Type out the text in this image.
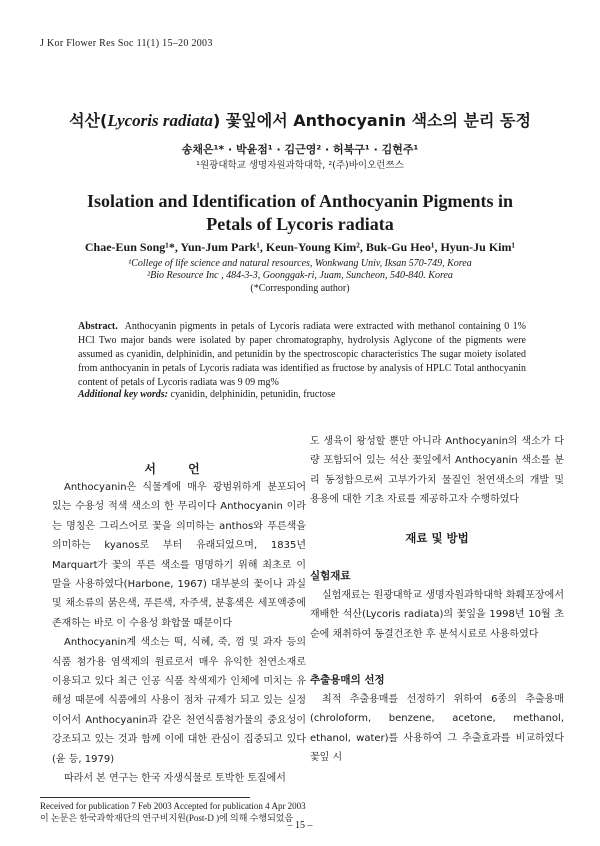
J Kor Flower Res Soc 11(1) 15–20 2003
석산(Lycoris radiata) 꽃잎에서 Anthocyanin 색소의 분리 동정
송채은¹* · 박윤점¹ · 김근영² · 허북구¹ · 김현주¹
¹원광대학교 생명자원과학대학, ²(주)바이오런쯔스
Isolation and Identification of Anthocyanin Pigments in
Petals of Lycoris radiata
Chae-Eun Song¹*, Yun-Jum Park¹, Keun-Young Kim², Buk-Gu Heo¹, Hyun-Ju Kim¹
¹College of life science and natural resources, Wonkwang Univ, Iksan 570-749, Korea
²Bio Resource Inc , 484-3-3, Goonggak-ri, Juam, Suncheon, 540-840. Korea
(*Corresponding author)
Abstract. Anthocyanin pigments in petals of Lycoris radiata were extracted with methanol containing 0 1% HCl Two major bands were isolated by paper chromatography, hydrolysis Aglycone of the pigments were assumed as cyanidin, delphinidin, and petunidin by the spectroscopic characteristics The sugar moiety isolated from anthocyanin in petals of Lycoris radiata was identified as fructose by analysis of HPLC Total anthocyanin content of petals of Lycoris radiata was 9 09 mg%
Additional key words: cyanidin, delphinidin, petunidin, fructose
서 언

Anthocyanin은 식물계에 매우 광범위하게 분포되어 있는 수용성 적색 색소의 한 무리이다 Anthocyanin 이라는 명칭은 그리스어로 꽃을 의미하는 anthos와 푸른색을 의미하는 kyanos로 부터 유래되었으며, 1835년 Marquart가 꽃의 푸른 색소를 명명하기 위해 최초로 이 말을 사용하였다(Harbone, 1967) 대부분의 꽃이나 과실 및 채소류의 붉은색, 푸른색, 자주색, 분홍색은 세포액중에 존재하는 바로 이 수용성 화합물 때문이다

Anthocyanin계 색소는 떡, 식혜, 죽, 껌 및 과자 등의 식품 첨가용 염색제의 원료로서 매우 유익한 천연소재로 이용되고 있다 최근 인공 식품 착색제가 인체에 미치는 유해성 때문에 식품에의 사용이 점차 규제가 되고 있는 실정이어서 Anthocyanin과 같은 천연식품첨가물의 중요성이 강조되고 있는 것과 함께 이에 대한 관심이 집중되고 있다(윤 등, 1979)

따라서 본 연구는 한국 자생식물로 토박한 토질에서

도 생육이 왕성할 뿐만 아니라 Anthocyanin의 색소가 다량 포함되어 있는 석산 꽃잎에서 Anthocyanin 색소를 분리 동정함으로써 고부가가치 물질인 천연색소의 개발 및 용용에 대한 기초 자료를 제공하고자 수행하였다

재료 및 방법
실험재료

실험재료는 원광대학교 생명자원과학대학 화훼포장에서 재배한 석산(Lycoris radiata)의 꽃잎을 1998년 10월 초순에 채취하여 동결건조한 후 분석시료로 사용하였다

추출용매의 선정

최적 추출용매를 선정하기 위하여 6종의 추출용매 (chroloform, benzene, acetone, methanol, ethanol, water)를 사용하여 그 추출효과를 비교하였다 꽃잎 시

Received for publication 7 Feb 2003 Accepted for publication 4 Apr 2003
이 논문은 한국과학재단의 연구비지원(Post-D )에 의해 수행되었음
– 15 –
